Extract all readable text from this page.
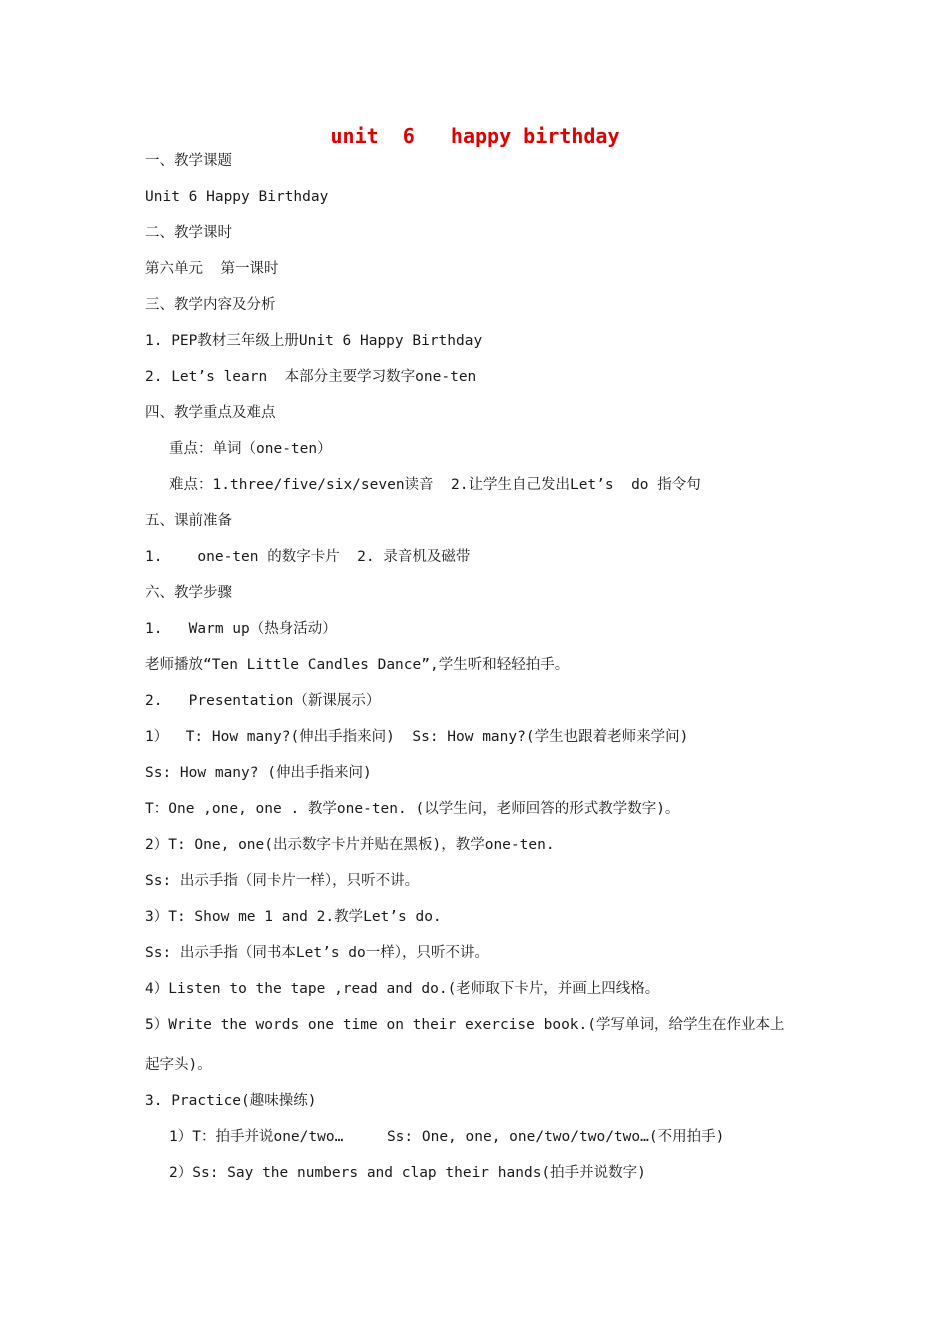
unit  6   happy birthday
一、教学课题
Unit 6 Happy Birthday
二、教学课时
第六单元  第一课时
三、教学内容及分析
1. PEP教材三年级上册Unit 6 Happy Birthday
2. Let’s learn  本部分主要学习数字one-ten
四、教学重点及难点
重点：单词（one-ten）
难点：1.three/five/six/seven读音  2.让学生自己发出Let’s  do 指令句
五、课前准备
1.    one-ten 的数字卡片  2. 录音机及磁带
六、教学步骤
1.   Warm up（热身活动）
老师播放“Ten Little Candles Dance”,学生听和轻轻拍手。
2.   Presentation（新课展示）
1）  T: How many?(伸出手指来问)  Ss: How many?(学生也跟着老师来学问)
Ss: How many? (伸出手指来问)
T：One ,one, one . 教学one-ten. (以学生问，老师回答的形式教学数字)。
2）T: One, one(出示数字卡片并贴在黑板)，教学one-ten.
Ss: 出示手指（同卡片一样），只听不讲。
3）T: Show me 1 and 2.教学Let’s do.
Ss: 出示手指（同书本Let’s do一样），只听不讲。
4）Listen to the tape ,read and do.(老师取下卡片，并画上四线格。
5）Write the words one time on their exercise book.(学写单词，给学生在作业本上
起字头)。
3. Practice(趣味操练)
1）T：拍手并说one/two…     Ss: One, one, one/two/two/two…(不用拍手)
2）Ss: Say the numbers and clap their hands(拍手并说数字)
